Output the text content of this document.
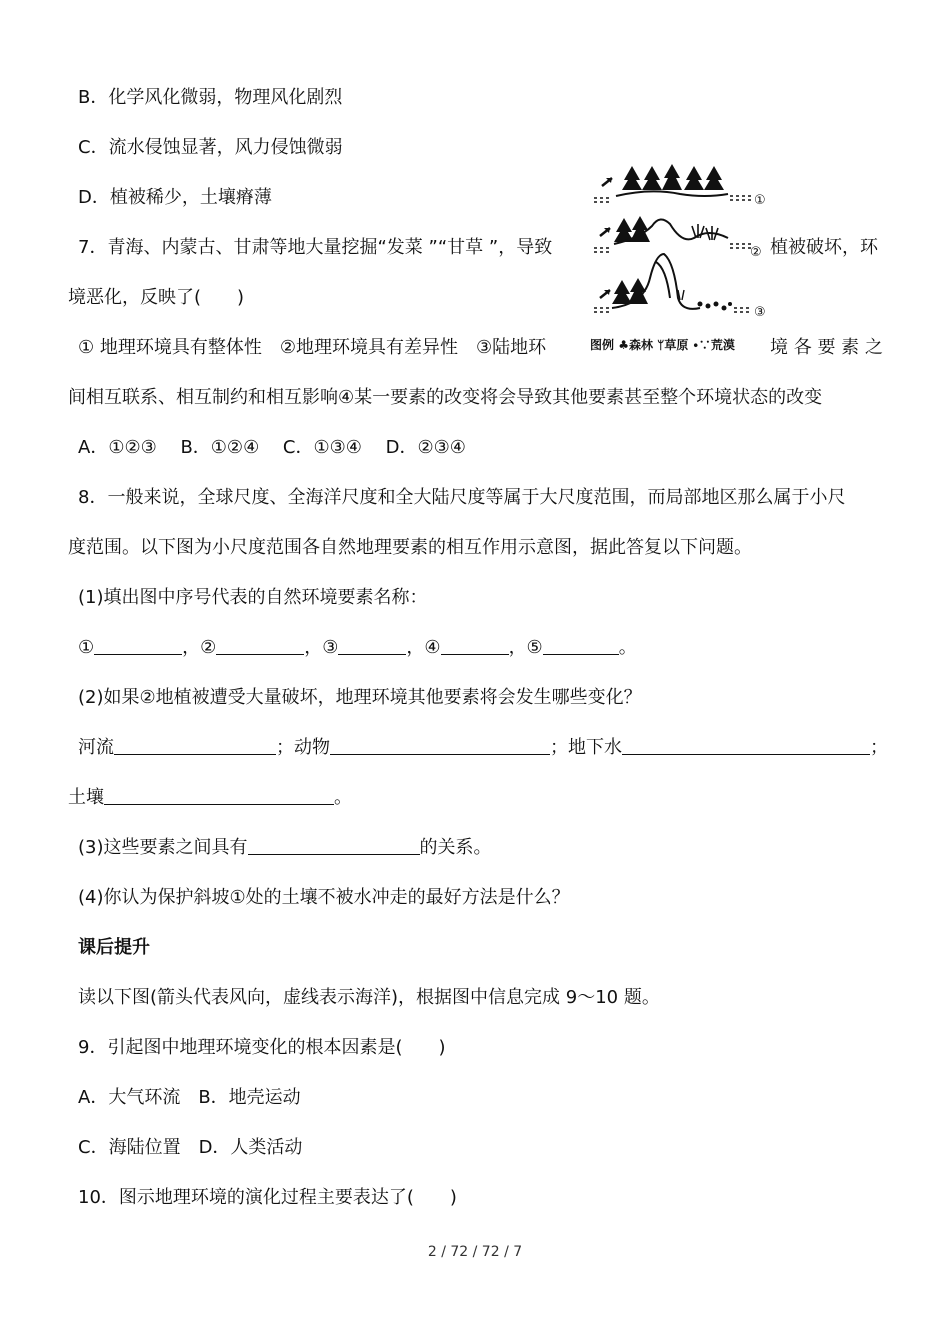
B．化学风化微弱，物理风化剧烈
C．流水侵蚀显著，风力侵蚀微弱
D．植被稀少，土壤瘠薄
7．青海、内蒙古、甘肃等地大量挖掘“发菜 ”“甘草 ”，导致	植被破坏，环
境恶化，反映了(　　)
① 地理环境具有整体性　②地理环境具有差异性　③陆地环	境 各 要 素 之
间相互联系、相互制约和相互影响④某一要素的改变将会导致其他要素甚至整个环境状态的改变
A．①②③　 B．①②④　 C．①③④　 D．②③④
①
②
③
图例 ♣森林 ᛘ草原 ∙∵荒漠
8．一般来说，全球尺度、全海洋尺度和全大陆尺度等属于大尺度范围，而局部地区那么属于小尺
度范围。以下图为小尺度范围各自然地理要素的相互作用示意图，据此答复以下问题。
(1)填出图中序号代表的自然环境要素名称：
①	，②	，③	，④	，⑤	。
(2)如果②地植被遭受大量破坏，地理环境其他要素将会发生哪些变化？
河流	；动物	；地下水	；
土壤	。
(3)这些要素之间具有	的关系。
(4)你认为保护斜坡①处的土壤不被水冲走的最好方法是什么？
课后提升
读以下图(箭头代表风向，虚线表示海洋)，根据图中信息完成 9～10 题。
9．引起图中地理环境变化的根本因素是(　　)
A．大气环流　B．地壳运动
C．海陆位置　D．人类活动
10．图示地理环境的演化过程主要表达了(　　)
2 / 72 / 72 / 7
